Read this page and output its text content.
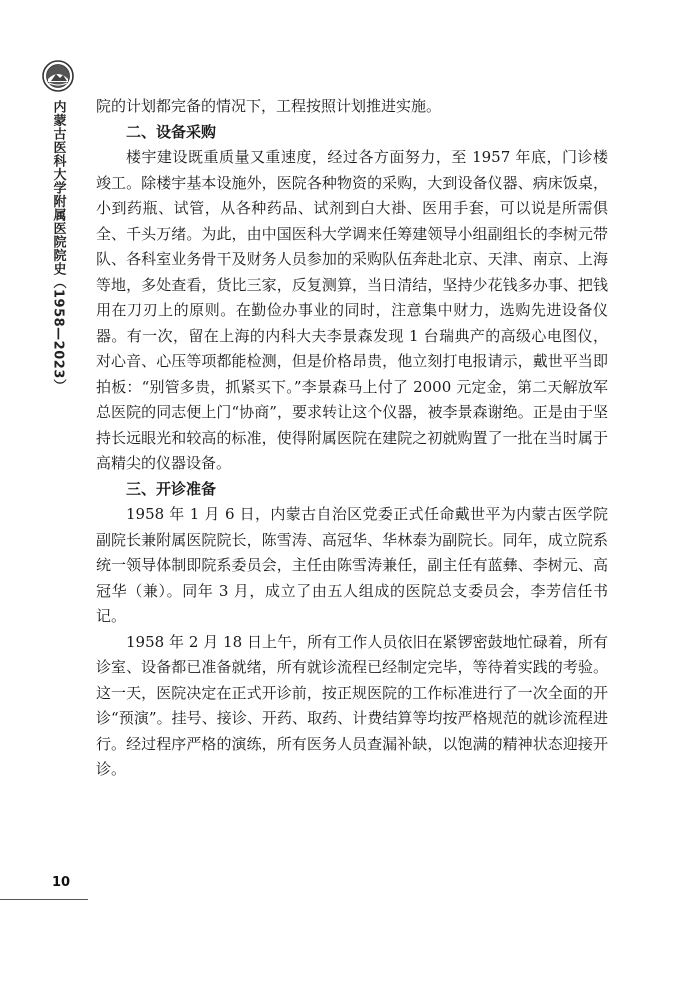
内蒙古医科大学附属医院院史（1958—2023） 院的计划都完备的情况下，工程按照计划推进实施。

二、设备采购

楼宇建设既重质量又重速度，经过各方面努力，至 1957 年底，门诊楼竣工。除楼宇基本设施外，医院各种物资的采购，大到设备仪器、病床饭桌，小到药瓶、试管，从各种药品、试剂到白大褂、医用手套，可以说是所需俱全、千头万绪。为此，由中国医科大学调来任筹建领导小组副组长的李树元带队、各科室业务骨干及财务人员参加的采购队伍奔赴北京、天津、南京、上海等地，多处查看，货比三家，反复测算，当日清结，坚持少花钱多办事、把钱用在刀刃上的原则。在勤俭办事业的同时，注意集中财力，选购先进设备仪器。有一次，留在上海的内科大夫李景森发现 1 台瑞典产的高级心电图仪，对心音、心压等项都能检测，但是价格昂贵，他立刻打电报请示，戴世平当即拍板：“别管多贵，抓紧买下。”李景森马上付了 2000 元定金，第二天解放军总医院的同志便上门“协商”，要求转让这个仪器，被李景森谢绝。正是由于坚持长远眼光和较高的标准，使得附属医院在建院之初就购置了一批在当时属于高精尖的仪器设备。

三、开诊准备

1958 年 1 月 6 日，内蒙古自治区党委正式任命戴世平为内蒙古医学院副院长兼附属医院院长，陈雪涛、高冠华、华林泰为副院长。同年，成立院系统一领导体制即院系委员会，主任由陈雪涛兼任，副主任有蓝彝、李树元、高冠华（兼）。同年 3 月，成立了由五人组成的医院总支委员会，李芳信任书记。

1958 年 2 月 18 日上午，所有工作人员依旧在紧锣密鼓地忙碌着，所有诊室、设备都已准备就绪，所有就诊流程已经制定完毕，等待着实践的考验。这一天，医院决定在正式开诊前，按正规医院的工作标准进行了一次全面的开诊“预演”。挂号、接诊、开药、取药、计费结算等均按严格规范的就诊流程进行。经过程序严格的演练，所有医务人员查漏补缺，以饱满的精神状态迎接开诊。

10
